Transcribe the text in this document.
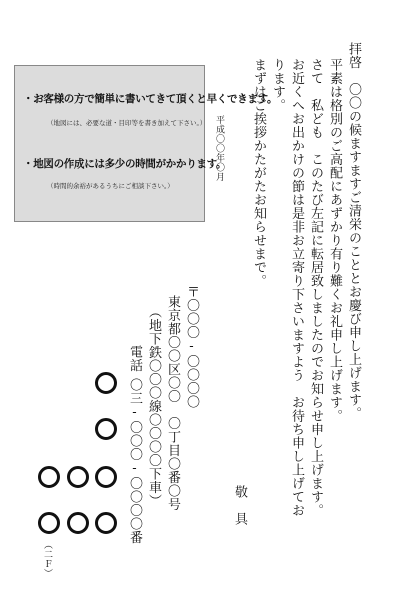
拝啓　〇〇の候ますますご清栄のこととお慶び申し上げます。
平素は格別のご高配にあずかり有り難くお礼申し上げます。
さて　私ども　このたび左記に転居致しましたのでお知らせ申し上げます。
お近くへお出かけの節は是非お立寄り下さいますよう　お待ち申し上げてお
ります。
まずはご挨拶かたがたお知らせまで。
敬　具
平成〇〇年〇月
・お客様の方で簡単に書いてきて頂くと早くできます。
（地図には、必要な道・目印等を書き加えて下さい。）
・地図の作成には多少の時間がかかります。
（時間的余裕があるうちにご相談下さい。）
〒〇〇〇-〇〇〇〇
東京都〇〇区〇〇　〇丁目〇番〇号
（地下鉄〇〇〇線〇〇〇〇下車）
電話
〇三-〇〇〇-〇〇〇〇番
（二Ｆ）
